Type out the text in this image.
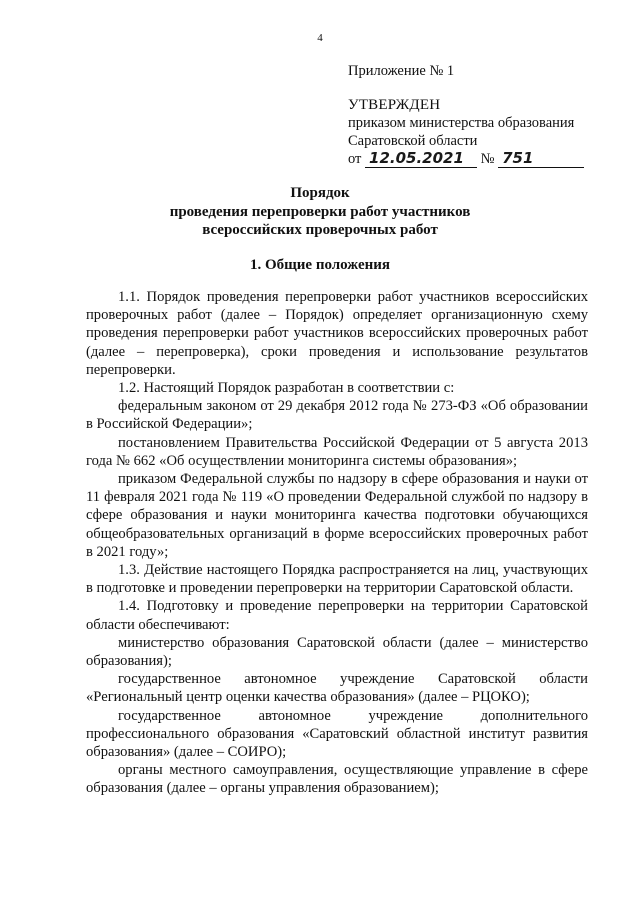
4
Приложение № 1
УТВЕРЖДЕН
приказом министерства образования
Саратовской области
от 12.05.2021 № 751
Порядок
проведения перепроверки работ участников
всероссийских проверочных работ
1. Общие положения

1.1. Порядок проведения перепроверки работ участников всероссийских проверочных работ (далее – Порядок) определяет организационную схему проведения перепроверки работ участников всероссийских проверочных работ (далее – перепроверка), сроки проведения и использование результатов перепроверки.

1.2. Настоящий Порядок разработан в соответствии с:

федеральным законом от 29 декабря 2012 года № 273-ФЗ «Об образовании в Российской Федерации»;

постановлением Правительства Российской Федерации от 5 августа 2013 года № 662 «Об осуществлении мониторинга системы образования»;

приказом Федеральной службы по надзору в сфере образования и науки от 11 февраля 2021 года № 119 «О проведении Федеральной службой по надзору в сфере образования и науки мониторинга качества подготовки обучающихся общеобразовательных организаций в форме всероссийских проверочных работ в 2021 году»;

1.3. Действие настоящего Порядка распространяется на лиц, участвующих в подготовке и проведении перепроверки на территории Саратовской области.

1.4. Подготовку и проведение перепроверки на территории Саратовской области обеспечивают:

министерство образования Саратовской области (далее – министерство образования);

государственное автономное учреждение Саратовской области «Региональный центр оценки качества образования» (далее – РЦОКО);

государственное автономное учреждение дополнительного профессионального образования «Саратовский областной институт развития образования» (далее – СОИРО);

органы местного самоуправления, осуществляющие управление в сфере образования (далее – органы управления образованием);
